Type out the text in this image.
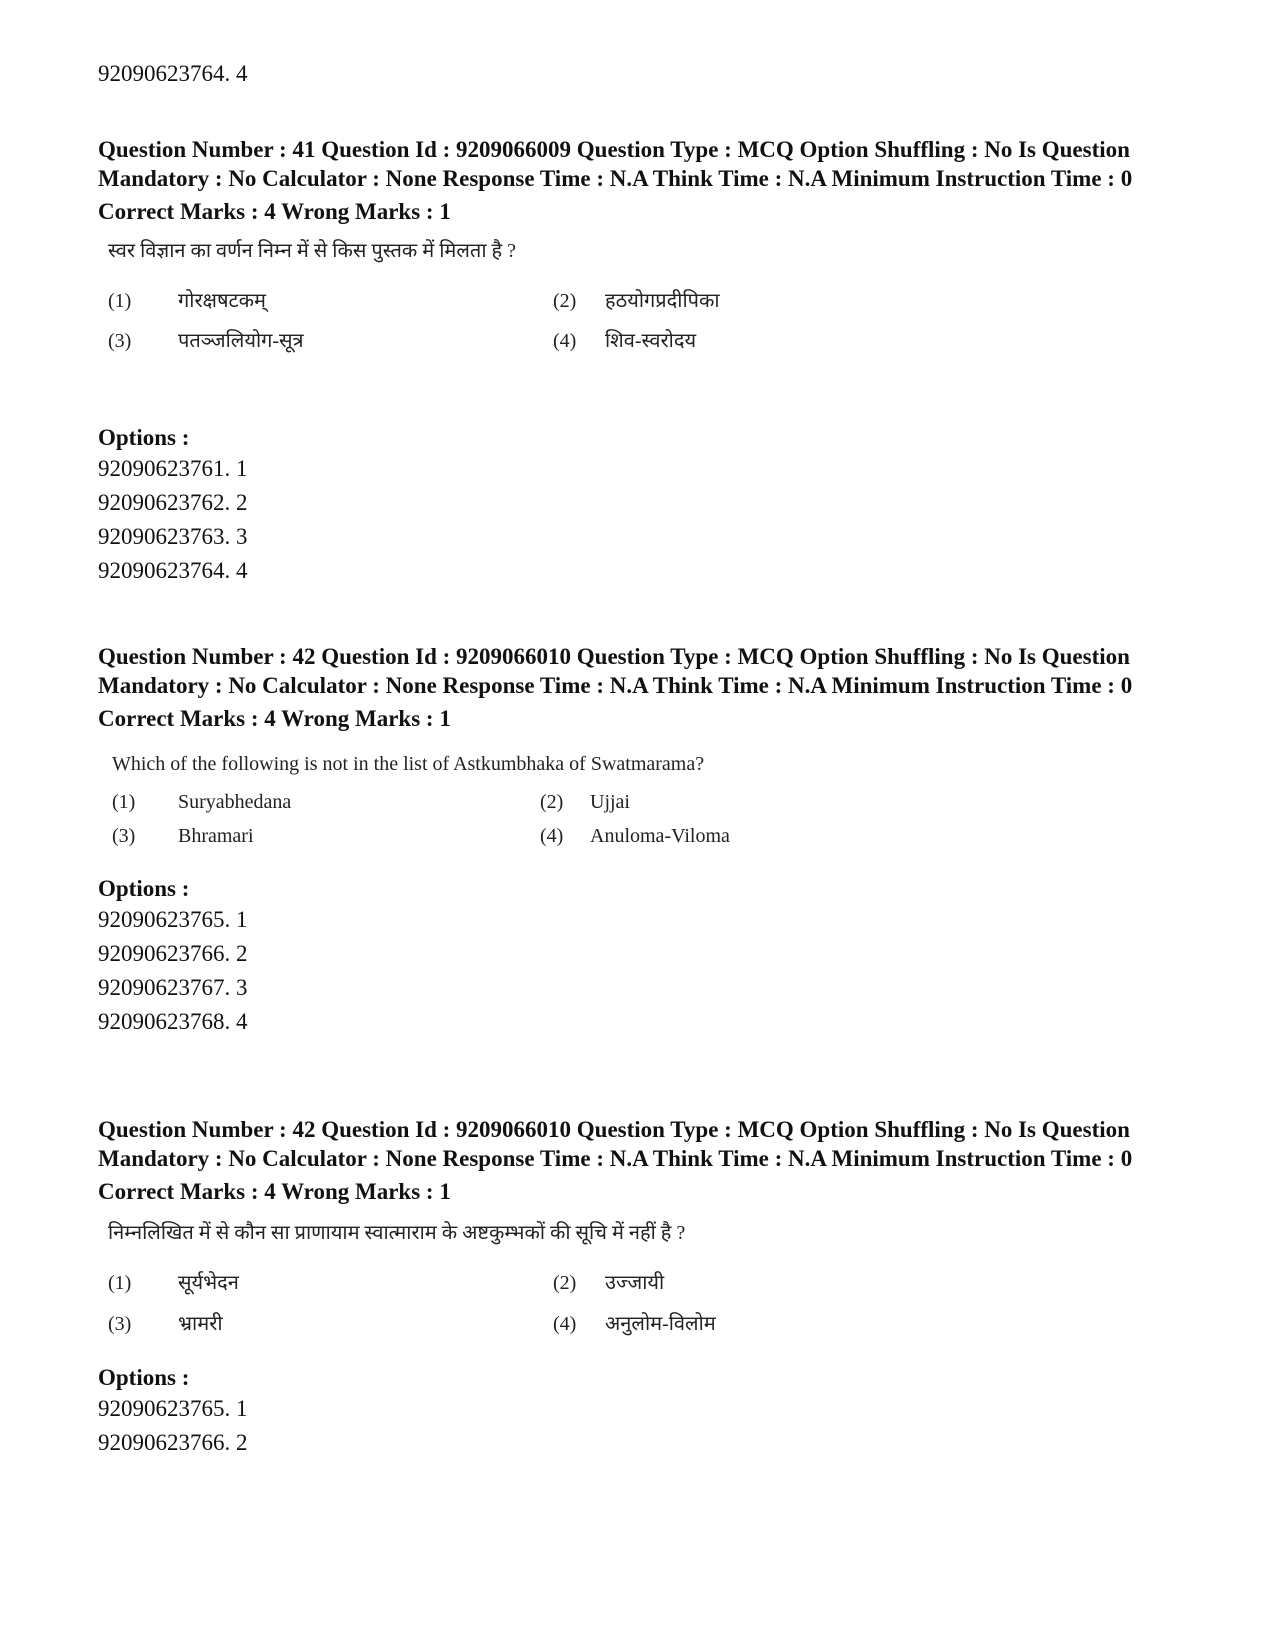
92090623764. 4

Question Number : 41 Question Id : 9209066009 Question Type : MCQ Option Shuffling : No Is Question Mandatory : No Calculator : None Response Time : N.A Think Time : N.A Minimum Instruction Time : 0

Correct Marks : 4 Wrong Marks : 1
स्वर विज्ञान का वर्णन निम्न में से किस पुस्तक में मिलता है ?
(1) गोरक्षषटकम्	(2) हठयोगप्रदीपिका
(3) पतञ्जलियोग-सूत्र	(4) शिव-स्वरोदय
Options :
92090623761. 1
92090623762. 2
92090623763. 3
92090623764. 4

Question Number : 42 Question Id : 9209066010 Question Type : MCQ Option Shuffling : No Is Question Mandatory : No Calculator : None Response Time : N.A Think Time : N.A Minimum Instruction Time : 0

Correct Marks : 4 Wrong Marks : 1
Which of the following is not in the list of Astkumbhaka of Swatmarama?
(1) Suryabhedana	(2) Ujjai
(3) Bhramari	(4) Anuloma-Viloma
Options :
92090623765. 1
92090623766. 2
92090623767. 3
92090623768. 4

Question Number : 42 Question Id : 9209066010 Question Type : MCQ Option Shuffling : No Is Question Mandatory : No Calculator : None Response Time : N.A Think Time : N.A Minimum Instruction Time : 0

Correct Marks : 4 Wrong Marks : 1
निम्नलिखित में से कौन सा प्राणायाम स्वात्माराम के अष्टकुम्भकों की सूचि में नहीं है ?
(1) सूर्यभेदन	(2) उज्जायी
(3) भ्रामरी	(4) अनुलोम-विलोम
Options :
92090623765. 1
92090623766. 2
